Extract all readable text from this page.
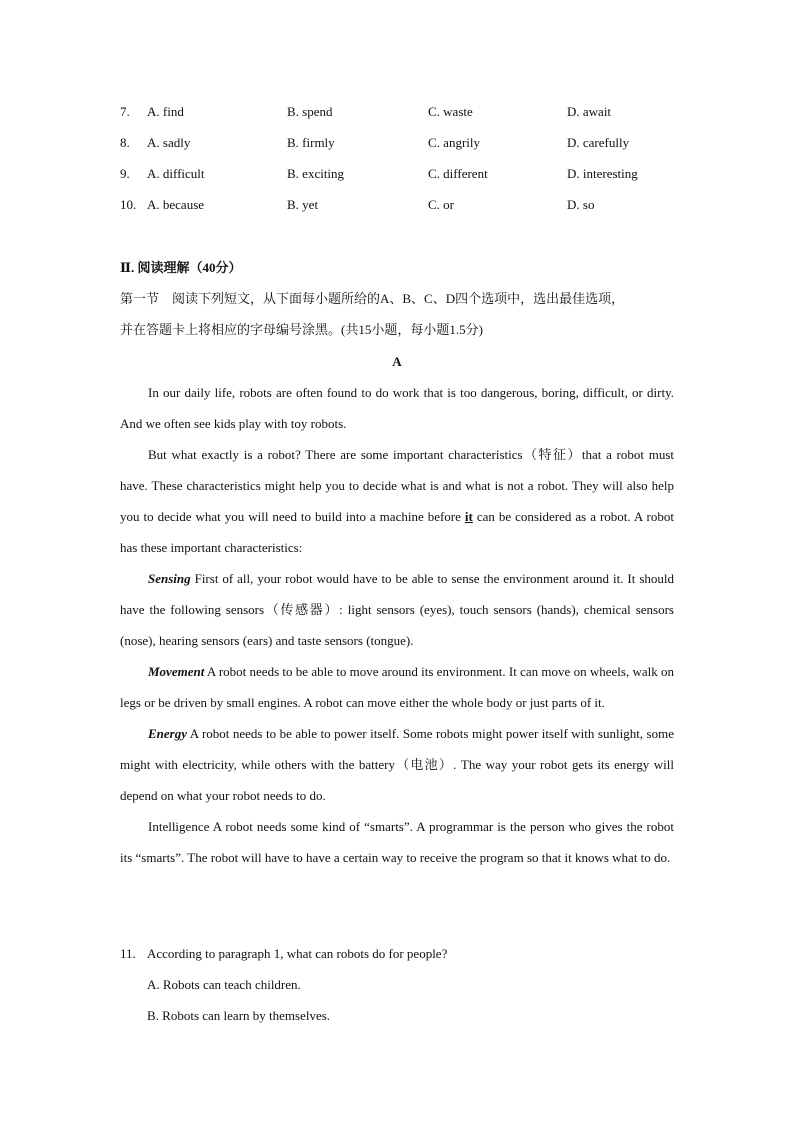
7. A. find	B. spend	C. waste	D. await
8. A. sadly	B. firmly	C. angrily	D. carefully
9. A. difficult	B. exciting	C. different	D. interesting
10. A. because	B. yet	C. or	D. so
Ⅱ. 阅读理解（40分）
第一节　阅读下列短文，从下面每小题所给的A、B、C、D四个选项中，选出最佳选项，
并在答题卡上将相应的字母编号涂黑。(共15小题，每小题1.5分)
A

In our daily life, robots are often found to do work that is too dangerous, boring, difficult, or dirty. And we often see kids play with toy robots.

But what exactly is a robot? There are some important characteristics（特征）that a robot must have. These characteristics might help you to decide what is and what is not a robot. They will also help you to decide what you will need to build into a machine before it can be considered as a robot. A robot has these important characteristics:

Sensing First of all, your robot would have to be able to sense the environment around it. It should have the following sensors（传感器）: light sensors (eyes), touch sensors (hands), chemical sensors (nose), hearing sensors (ears) and taste sensors (tongue).

Movement A robot needs to be able to move around its environment. It can move on wheels, walk on legs or be driven by small engines. A robot can move either the whole body or just parts of it.

Energy A robot needs to be able to power itself. Some robots might power itself with sunlight, some might with electricity, while others with the battery（电池）. The way your robot gets its energy will depend on what your robot needs to do.

Intelligence A robot needs some kind of “smarts”. A programmar is the person who gives the robot its “smarts”. The robot will have to have a certain way to receive the program so that it knows what to do.

11. According to paragraph 1, what can robots do for people?
A. Robots can teach children.
B. Robots can learn by themselves.
